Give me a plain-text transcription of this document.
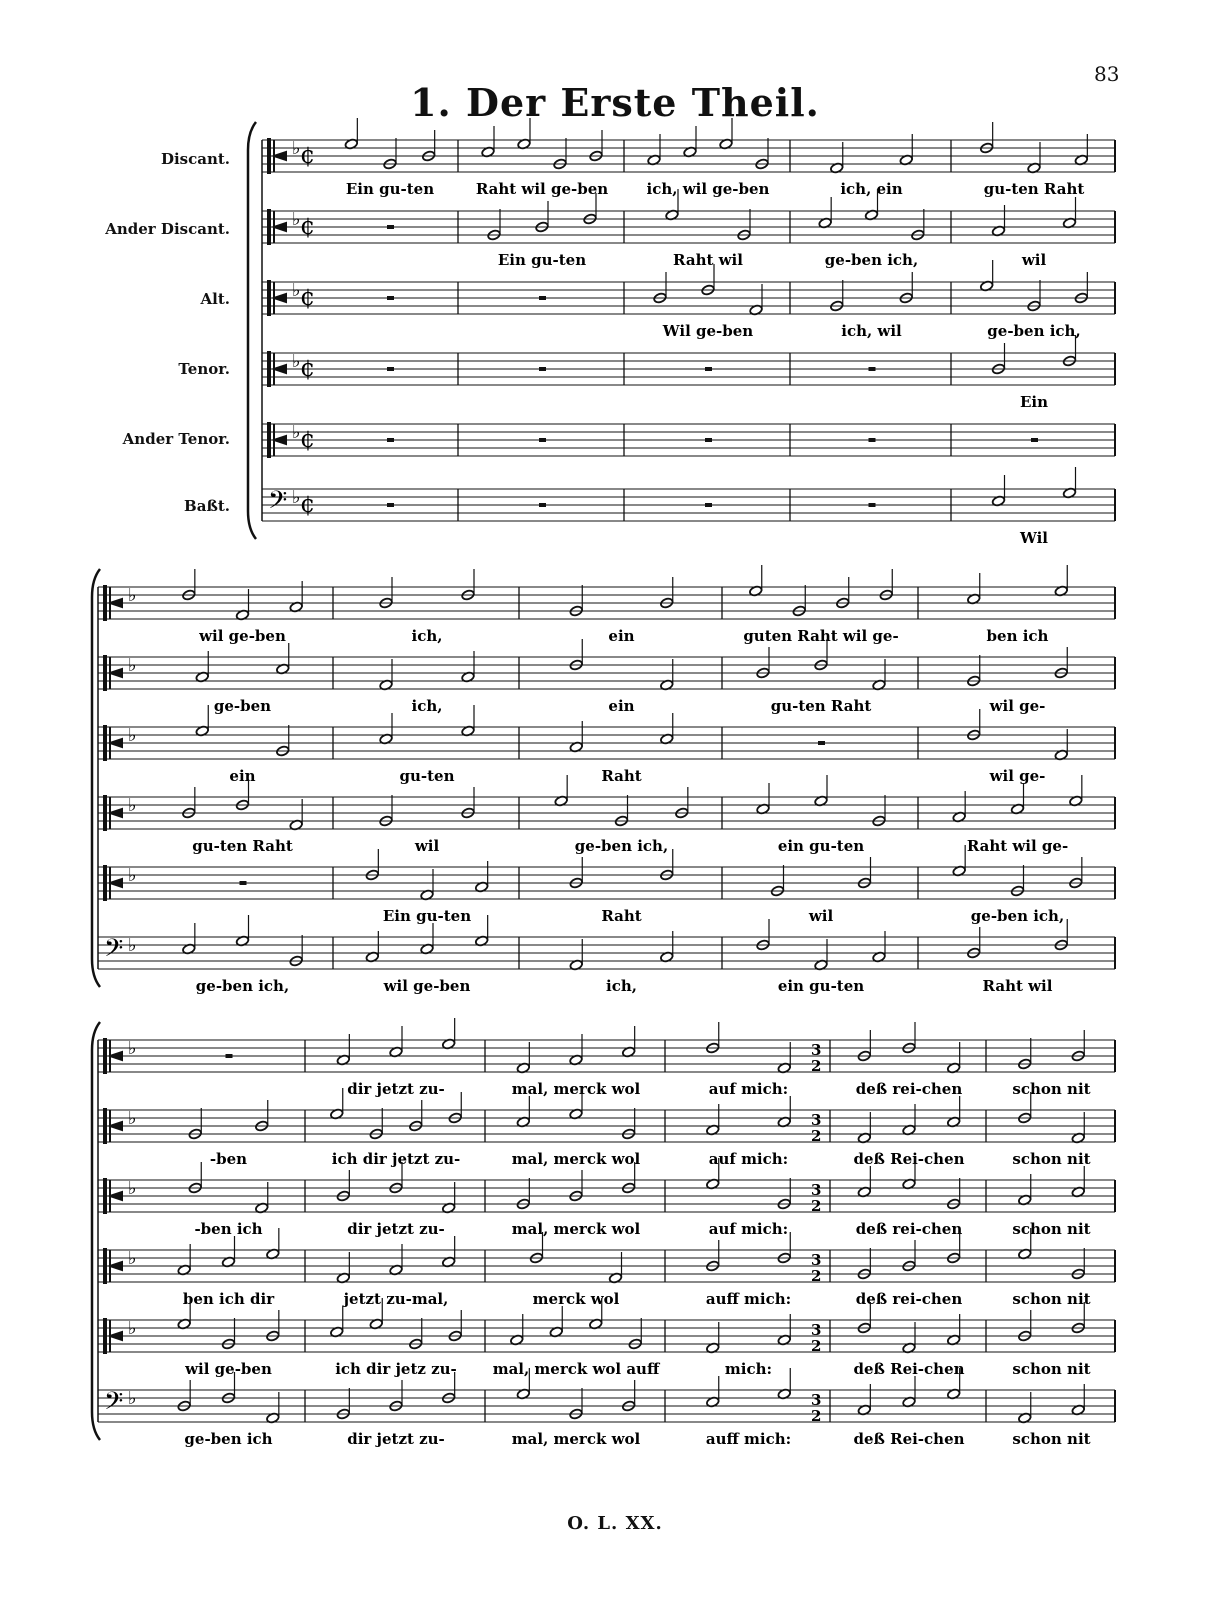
83
1. Der Erste Theil.
Discant.
Ander Discant.
Alt.
Tenor.
Ander Tenor.
Baßt.
♭ ¢
Ein gu-ten	Raht wil ge-ben	ich, wil ge-ben	ich, ein	gu-ten Raht
♭ ¢
Ein gu-ten	Raht wil	ge-ben ich,	wil
♭ ¢
Wil ge-ben	ich, wil	ge-ben ich,
♭ ¢
Ein
♭ ¢
𝄢 ♭ ¢
Wil
♭
wil ge-ben	ich,	ein	guten Raht wil ge-	ben ich
♭
ge-ben	ich,	ein	gu-ten Raht	wil ge-
♭
ein	gu-ten	Raht	wil ge-
♭
gu-ten Raht	wil	ge-ben ich,	ein gu-ten	Raht wil ge-
♭
Ein gu-ten	Raht	wil	ge-ben ich,
𝄢 ♭
ge-ben ich,	wil ge-ben	ich,	ein gu-ten	Raht wil
♭
dir jetzt zu-	mal, merck wol	auf mich:	deß rei-chen	schon nit
♭
-ben	ich dir jetzt zu-	mal, merck wol	auf mich:	deß Rei-chen	schon nit
♭
-ben ich	dir jetzt zu-	mal, merck wol	auf mich:	deß rei-chen	schon nit
♭
ben ich dir	jetzt zu-mal,	merck wol	auff mich:	deß rei-chen	schon nit
♭
wil ge-ben	ich dir jetz zu- mal, merck wol auff	mich:	deß Rei-chen	schon nit
𝄢 ♭
ge-ben ich	dir jetzt zu-	mal, merck wol	auff mich:	deß Rei-chen	schon nit
3
2
3
2
3
2
3
2
3
2
3
2
O. L. XX.
